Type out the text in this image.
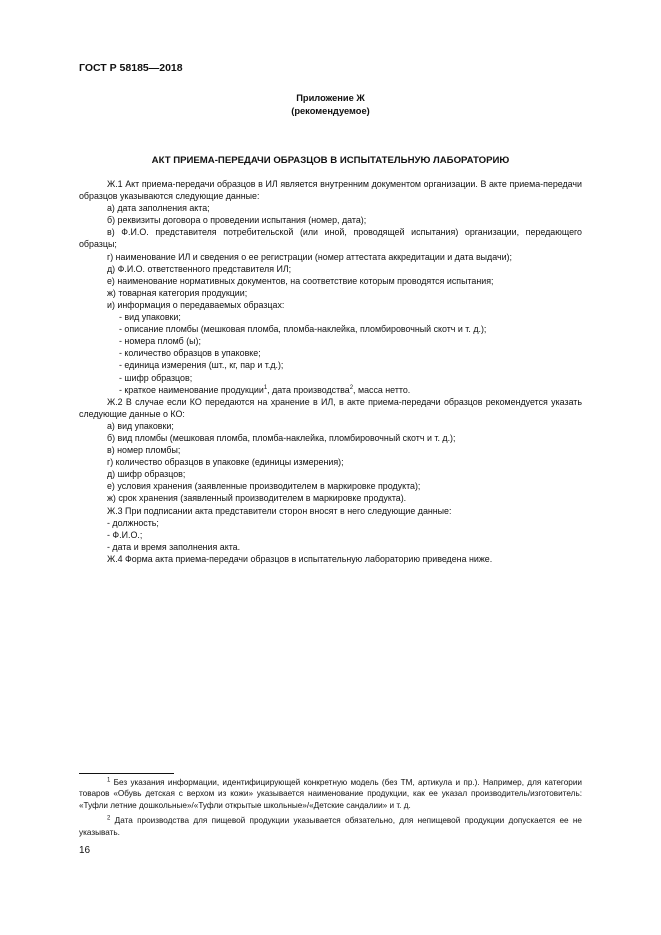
ГОСТ Р 58185—2018
Приложение Ж
(рекомендуемое)
АКТ ПРИЕМА-ПЕРЕДАЧИ ОБРАЗЦОВ В ИСПЫТАТЕЛЬНУЮ ЛАБОРАТОРИЮ

Ж.1 Акт приема-передачи образцов в ИЛ является внутренним документом организации. В акте приема-передачи образцов указываются следующие данные:

а) дата заполнения акта;

б) реквизиты договора о проведении испытания (номер, дата);

в) Ф.И.О. представителя потребительской (или иной, проводящей испытания) организации, передающего образцы;

г) наименование ИЛ и сведения о ее регистрации (номер аттестата аккредитации и дата выдачи);

д) Ф.И.О. ответственного представителя ИЛ;

е) наименование нормативных документов, на соответствие которым проводятся испытания;

ж) товарная категория продукции;

и) информация о передаваемых образцах:

- вид упаковки;

- описание пломбы (мешковая пломба, пломба-наклейка, пломбировочный скотч и т. д.);

- номера пломб (ы);

- количество образцов в упаковке;

- единица измерения (шт., кг, пар и т.д.);

- шифр образцов;

- краткое наименование продукции$^1$, дата производства$^2$, масса нетто.

Ж.2 В случае если КО передаются на хранение в ИЛ, в акте приема-передачи образцов рекомендуется указать следующие данные о КО:

а) вид упаковки;

б) вид пломбы (мешковая пломба, пломба-наклейка, пломбировочный скотч и т. д.);

в) номер пломбы;

г) количество образцов в упаковке (единицы измерения);

д) шифр образцов;

е) условия хранения (заявленные производителем в маркировке продукта);

ж) срок хранения (заявленный производителем в маркировке продукта).

Ж.3 При подписании акта представители сторон вносят в него следующие данные:

- должность;

- Ф.И.О.;

- дата и время заполнения акта.

Ж.4 Форма акта приема-передачи образцов в испытательную лабораторию приведена ниже.

$^1$ Без указания информации, идентифицирующей конкретную модель (без ТМ, артикула и пр.). Например, для категории товаров «Обувь детская с верхом из кожи» указывается наименование продукции, как ее указал производитель/изготовитель: «Туфли летние дошкольные»/«Туфли открытые школьные»/«Детские сандалии» и т. д.

$^2$ Дата производства для пищевой продукции указывается обязательно, для непищевой продукции допускается ее не указывать.

16
